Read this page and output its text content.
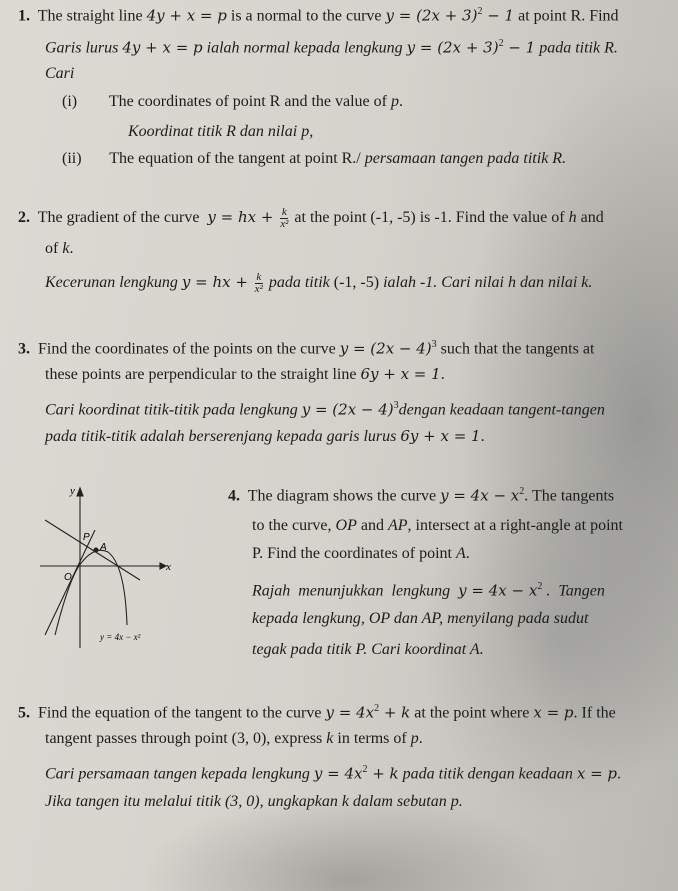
1.  The straight line 4y + x = p is a normal to the curve $y = (2x + 3)^2 - 1$ at point R. Find
Garis lurus 4y + x = p ialah normal kepada lengkung $y = (2x + 3)^2 - 1$ pada titik R.
Cari
(i)        The coordinates of point R and the value of p.
Koordinat titik R dan nilai p,
(ii)       The equation of the tangent at point R./ persamaan tangen pada titik R.
2.  The gradient of the curve  y = hx + $\frac{k}{\text{x²}}$ at the point (-1, -5) is -1. Find the value of h and
of k.
Kecerunan lengkung y = hx + $\frac{k}{\text{x²}}$ pada titik (-1, -5) ialah -1. Cari nilai h dan nilai k.
3.  Find the coordinates of the points on the curve $y = (2x - 4)^3$ such that the tangents at
these points are perpendicular to the straight line 6y + x = 1.
Cari koordinat titik-titik pada lengkung $y = (2x - 4)^3dengan$ keadaan tangent-tangen
pada titik-titik adalah berserenjang kepada garis lurus 6y + x = 1.
4.  The diagram shows the curve $y = 4x - x^2$. The tangents
to the curve, OP and AP, intersect at a right-angle at point
P. Find the coordinates of point A.
Rajah  menunjukkan  lengkung  $y = 4x - x^2$ .  Tangen
kepada lengkung, OP dan AP, menyilang pada sudut
tegak pada titik P. Cari koordinat A.
5.  Find the equation of the tangent to the curve $y = 4x^2 + k$ at the point where x = p. If the
tangent passes through point (3, 0), express k in terms of p.
Cari persamaan tangen kepada lengkung $y = 4x^2 + k$ pada titik dengan keadaan x = p.
Jika tangen itu melalui titik (3, 0), ungkapkan k dalam sebutan p.
y
x
O
P
A
y = 4x − x²
